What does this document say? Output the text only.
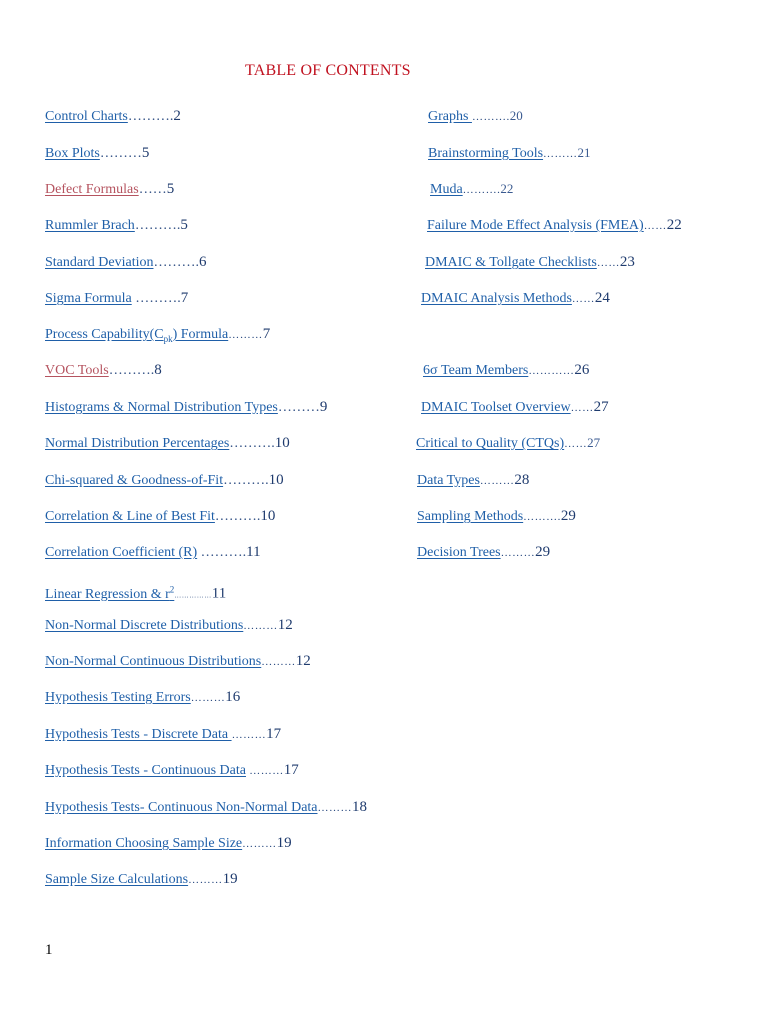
TABLE OF CONTENTS
Control Charts……….2
Box Plots………5
Defect Formulas……5
Rummler Brach……….5
Standard Deviation……….6
Sigma Formula ……….7
Process $Capability(C_{pk})$ Formula………7
VOC Tools……….8
Histograms & Normal Distribution Types………9
Normal Distribution Percentages……….10
Chi-squared & Goodness-of-Fit……….10
Correlation & Line of Best Fit……….10
Correlation Coefficient (R) ……….11
Linear Regression & $r^2\dots\dots\dots\dots\dots 11$
Non-Normal Discrete Distributions………12
Non-Normal Continuous Distributions………12
Hypothesis Testing Errors………16
Hypothesis Tests - Discrete Data ………17
Hypothesis Tests - Continuous Data ………17
Hypothesis Tests- Continuous Non-Normal Data………18
Information Choosing Sample Size………19
Sample Size Calculations………19
Graphs ……….20
Brainstorming Tools………21
Muda……….22
Failure Mode Effect Analysis (FMEA)……22
DMAIC & Tollgate Checklists……23
DMAIC Analysis Methods……24
6σ Team Members…………26
DMAIC Toolset Overview……27
Critical to Quality (CTQs)……27
Data Types………28
Sampling Methods……….29
Decision Trees………29
1
